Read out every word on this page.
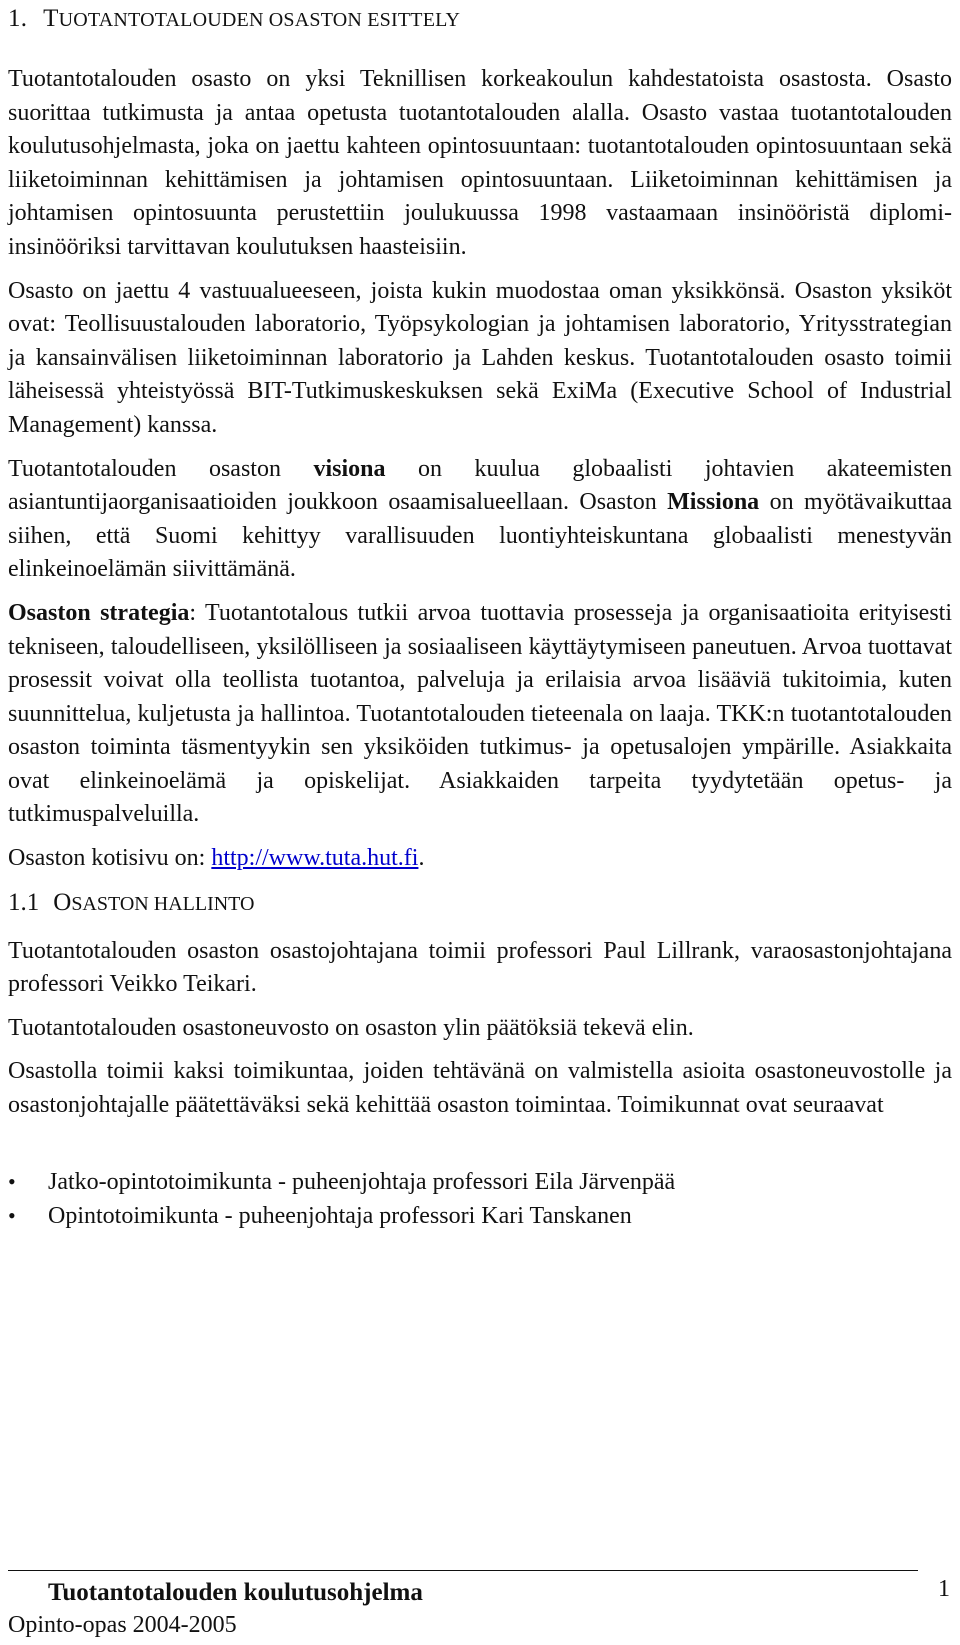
1. TUOTANTOTALOUDEN OSASTON ESITTELY

Tuotantotalouden osasto on yksi Teknillisen korkeakoulun kahdestatoista osastosta. Osasto suorittaa tutkimusta ja antaa opetusta tuotantotalouden alalla. Osasto vastaa tuotantotalouden koulutusohjelmasta, joka on jaettu kahteen opintosuuntaan: tuotantotalouden opintosuuntaan sekä liiketoiminnan kehittämisen ja johtamisen opintosuuntaan. Liiketoiminnan kehittämisen ja johtamisen opintosuunta perustettiin joulukuussa 1998 vastaamaan insinööristä diplomi-insinööriksi tarvittavan koulutuksen haasteisiin.

Osasto on jaettu 4 vastuualueeseen, joista kukin muodostaa oman yksikkönsä. Osaston yksiköt ovat: Teollisuustalouden laboratorio, Työpsykologian ja johtamisen laboratorio, Yritysstrategian ja kansainvälisen liiketoiminnan laboratorio ja Lahden keskus. Tuotantotalouden osasto toimii läheisessä yhteistyössä BIT-Tutkimuskeskuksen sekä ExiMa (Executive School of Industrial Management) kanssa.

Tuotantotalouden osaston visiona on kuulua globaalisti johtavien akateemisten asiantuntijaorganisaatioiden joukkoon osaamisalueellaan. Osaston Missiona on myötävaikuttaa siihen, että Suomi kehittyy varallisuuden luontiyhteiskuntana globaalisti menestyvän elinkeinoelämän siivittämänä.

Osaston strategia: Tuotantotalous tutkii arvoa tuottavia prosesseja ja organisaatioita erityisesti tekniseen, taloudelliseen, yksilölliseen ja sosiaaliseen käyttäytymiseen paneutuen. Arvoa tuottavat prosessit voivat olla teollista tuotantoa, palveluja ja erilaisia arvoa lisääviä tukitoimia, kuten suunnittelua, kuljetusta ja hallintoa. Tuotantotalouden tieteenala on laaja. TKK:n tuotantotalouden osaston toiminta täsmentyykin sen yksiköiden tutkimus- ja opetusalojen ympärille. Asiakkaita ovat elinkeinoelämä ja opiskelijat. Asiakkaiden tarpeita tyydytetään opetus- ja tutkimuspalveluilla.

Osaston kotisivu on: http://www.tuta.hut.fi.

1.1 OSASTON HALLINTO

Tuotantotalouden osaston osastojohtajana toimii professori Paul Lillrank, varaosastonjohtajana professori Veikko Teikari.

Tuotantotalouden osastoneuvosto on osaston ylin päätöksiä tekevä elin.

Osastolla toimii kaksi toimikuntaa, joiden tehtävänä on valmistella asioita osastoneuvostolle ja osastonjohtajalle päätettäväksi sekä kehittää osaston toimintaa. Toimikunnat ovat seuraavat

• Jatko-opintotoimikunta - puheenjohtaja professori Eila Järvenpää
• Opintotoimikunta - puheenjohtaja professori Kari Tanskanen
Tuotantotalouden koulutusohjelma	1
Opinto-opas 2004-2005
